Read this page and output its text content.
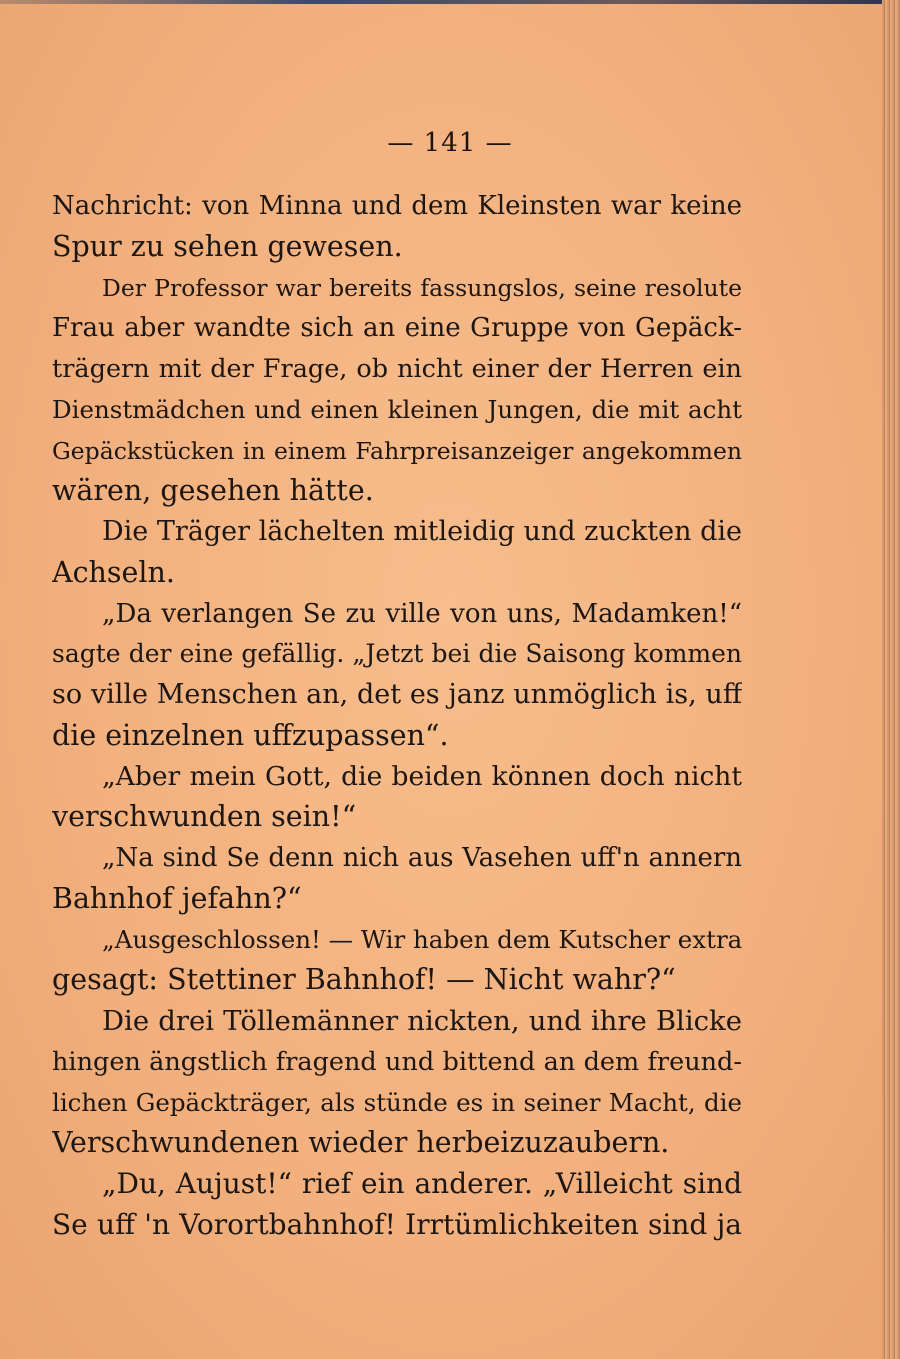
— 141 —
Nachricht: von Minna und dem Kleinsten war keine
Spur zu sehen gewesen.
Der Professor war bereits fassungslos, seine resolute
Frau aber wandte sich an eine Gruppe von Gepäck-
trägern mit der Frage, ob nicht einer der Herren ein
Dienstmädchen und einen kleinen Jungen, die mit acht
Gepäckstücken in einem Fahrpreisanzeiger angekommen
wären, gesehen hätte.
Die Träger lächelten mitleidig und zuckten die
Achseln.
„Da verlangen Se zu ville von uns, Madamken!“
sagte der eine gefällig. „Jetzt bei die Saisong kommen
so ville Menschen an, det es janz unmöglich is, uff
die einzelnen uffzupassen“.
„Aber mein Gott, die beiden können doch nicht
verschwunden sein!“
„Na sind Se denn nich aus Vasehen uff'n annern
Bahnhof jefahn?“
„Ausgeschlossen! — Wir haben dem Kutscher extra
gesagt: Stettiner Bahnhof! — Nicht wahr?“
Die drei Töllemänner nickten, und ihre Blicke
hingen ängstlich fragend und bittend an dem freund-
lichen Gepäckträger, als stünde es in seiner Macht, die
Verschwundenen wieder herbeizuzaubern.
„Du, Aujust!“ rief ein anderer. „Villeicht sind
Se uff 'n Vorortbahnhof! Irrtümlichkeiten sind ja
